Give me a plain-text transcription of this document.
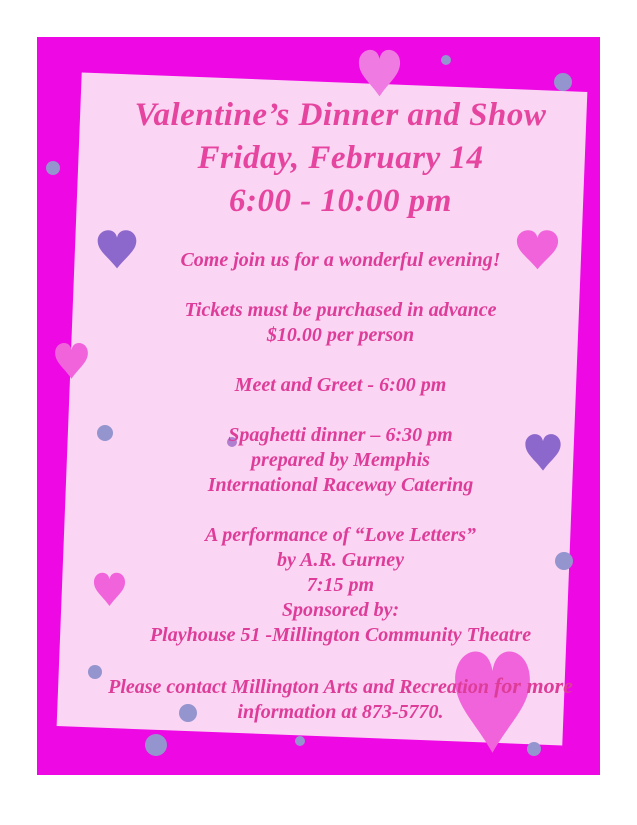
Valentine’s Dinner and Show
Friday, February 14
6:00 - 10:00 pm
Come join us for a wonderful evening!
Tickets must be purchased in advance
$10.00 per person
Meet and Greet - 6:00 pm
Spaghetti dinner – 6:30 pm
prepared by Memphis
International Raceway Catering
A performance of “Love Letters”
by A.R. Gurney
7:15 pm
Sponsored by:
Playhouse 51 -Millington Community Theatre
Please contact Millington Arts and Recreation for more
information at 873-5770.
